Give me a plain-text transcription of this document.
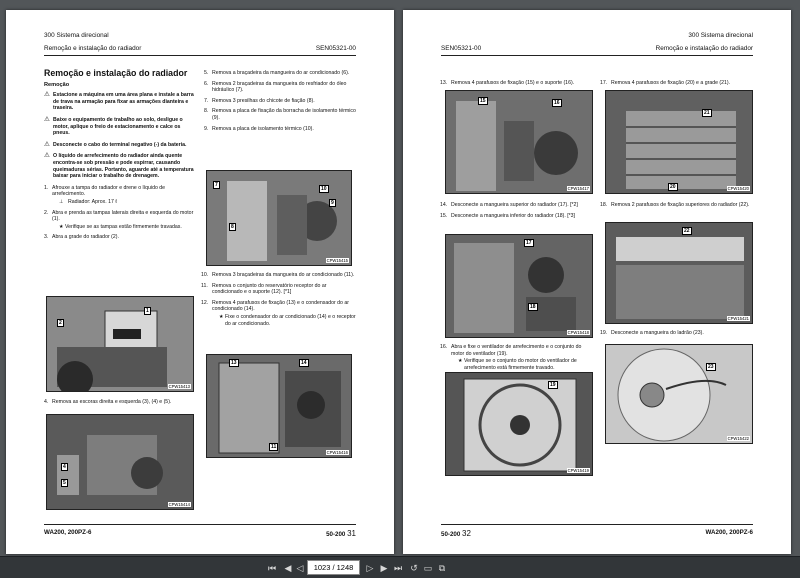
300 Sistema direcional
Remoção e instalação do radiador	SEN05321-00
Remoção e instalação do radiador
Remoção
⚠ Estacione a máquina em uma área plana e instale a barra de trava na armação para fixar as armações dianteira e traseira.
⚠ Baixe o equipamento de trabalho ao solo, desligue o motor, aplique o freio de estacionamento e calce os pneus.
⚠ Desconecte o cabo do terminal negativo (-) da bateria.
⚠ O líquido de arrefecimento do radiador ainda quente encontra-se sob pressão e pode espirrar, causando queimaduras sérias. Portanto, aguarde até a temperatura baixar para iniciar o trabalho de drenagem.
1. Afrouxe a tampa do radiador e drene o líquido de arrefecimento.
⊥ Radiador: Aprox. 17 ℓ
2. Abra e prenda as tampas laterais direita e esquerda do motor (1).
★ Verifique se as tampas estão firmemente travadas.
3. Abra a grade do radiador (2).
1
2
CPW15413
4. Remova as escoras direita e esquerda (3), (4) e (5).
4
5
CPW15414
5. Remova a braçadeira da mangueira do ar condicionado (6).
6. Remova 2 braçadeiras da mangueira do resfriador do óleo hidráulico (7).
7. Remova 3 presilhas do chicote de fiação (8).
8. Remova a placa de fixação da borracha de isolamento térmico (9).
9. Remova a placa de isolamento térmico (10).
7
8
10
9
CPW15415
10. Remova 3 braçadeiras da mangueira do ar condicionado (11).
11. Remova o conjunto do reservatório receptor do ar condicionado e o suporte (12). [*1]
12. Remova 4 parafusos de fixação (13) e o condensador do ar condicionado (14).
★ Fixe o condensador do ar condicionado (14) e o receptor do ar condicionado.
13	14
11
CPW15416
WA200, 200PZ-6	50-200 31
SEN05321-00
300 Sistema direcional
Remoção e instalação do radiador
13. Remova 4 parafusos de fixação (15) e o suporte (16).
15	16
CPW15417
14. Desconecte a mangueira superior do radiador (17). [*2]
15. Desconecte a mangueira inferior do radiador (18). [*3]
17
18
CPW15418
16. Abra e fixe o ventilador de arrefecimento e o conjunto do motor do ventilador (19).
★ Verifique se o conjunto do motor do ventilador de arrefecimento está firmemente travado.
19
CPW15419
17. Remova 4 parafusos de fixação (20) e a grade (21).
21
20	CPW15420
18. Remova 2 parafusos de fixação superiores do radiador (22).
22
CPW15421
19. Desconecte a mangueira do ladrão (23).
23
CPW15422
50-200 32	WA200, 200PZ-6
⏮ ◀ ◁	1023 / 1248	▷ ▶ ⏭ ↺ ▭ ⧉
